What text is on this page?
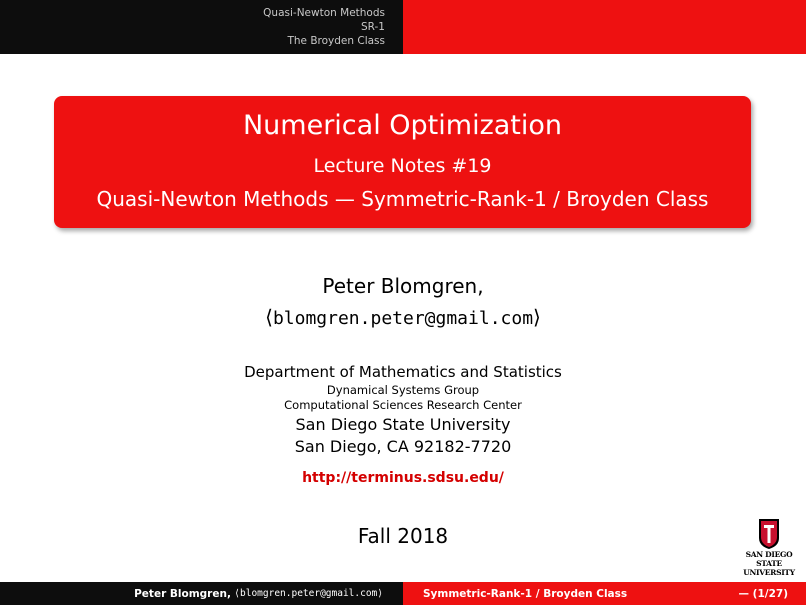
Quasi-Newton Methods
SR-1
The Broyden Class
Numerical Optimization
Lecture Notes #19
Quasi-Newton Methods — Symmetric-Rank-1 / Broyden Class
Peter Blomgren,
⟨blomgren.peter@gmail.com⟩
Department of Mathematics and Statistics
Dynamical Systems Group
Computational Sciences Research Center
San Diego State University
San Diego, CA 92182-7720
http://terminus.sdsu.edu/
Fall 2018
SAN DIEGO STATE
UNIVERSITY
Peter Blomgren,
⟨blomgren.peter@gmail.com⟩	Symmetric-Rank-1 / Broyden Class	— (1/27)
